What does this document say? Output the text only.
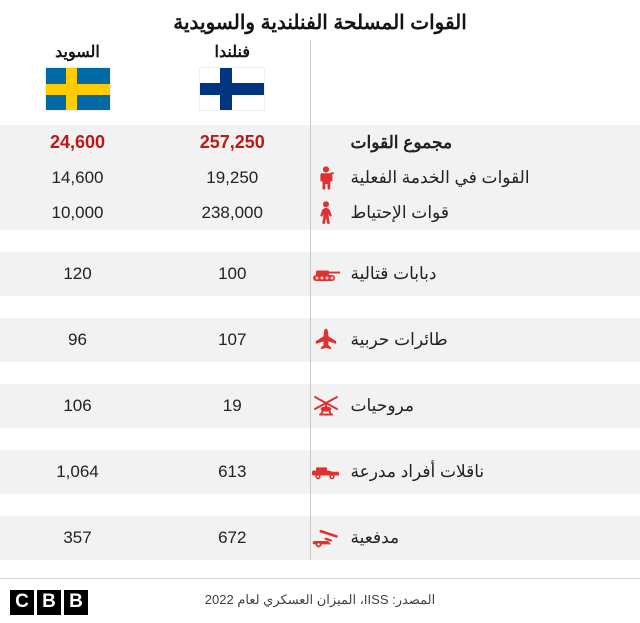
القوات المسلحة الفنلندية والسويدية
	فنلندا	السويد

مجموع القوات	257,250	24,600

القوات في الخدمة الفعلية	19,250	14,600

قوات الإحتياط	238,000	10,000

دبابات قتالية	100	120

طائرات حربية	107	96

مروحيات	19	106

ناقلات أفراد مدرعة	613	1,064

مدفعية	672	357
B
B
C	المصدر: IISS، الميزان العسكري لعام 2022
